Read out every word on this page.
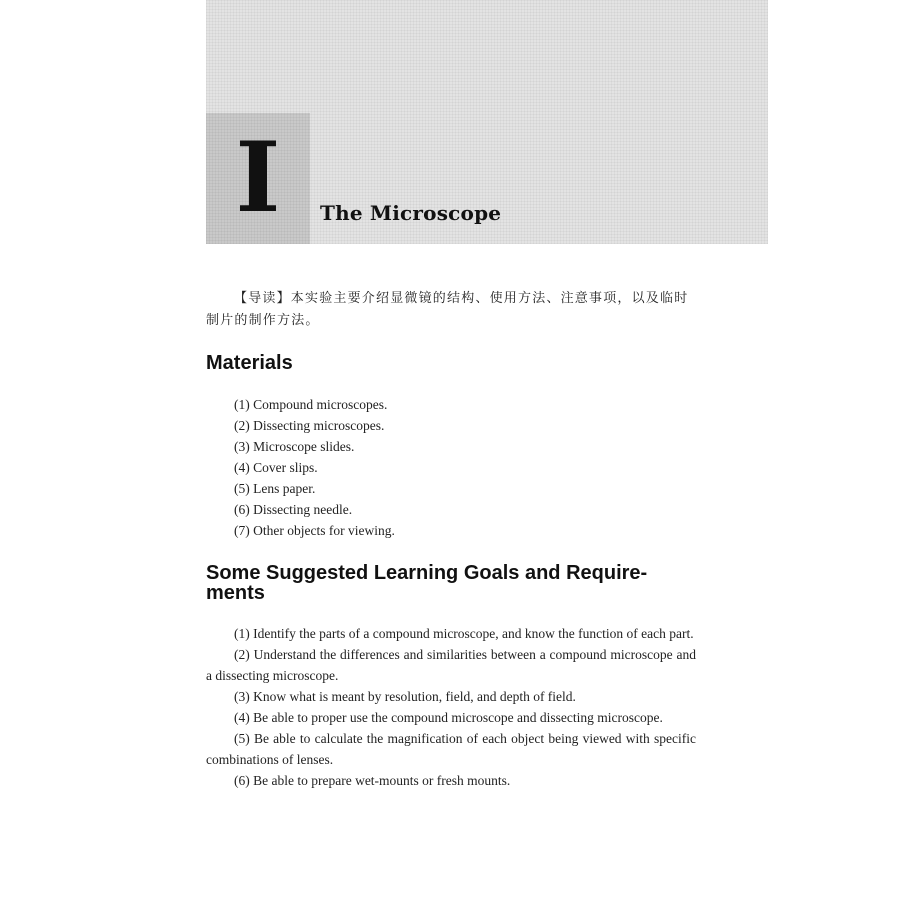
I	The Microscope

【导读】本实验主要介绍显微镜的结构、使用方法、注意事项，以及临时制片的制作方法。

Materials
(1) Compound microscopes.
(2) Dissecting microscopes.
(3) Microscope slides.
(4) Cover slips.
(5) Lens paper.
(6) Dissecting needle.
(7) Other objects for viewing.
Some Suggested Learning Goals and Require-
ments
(1) Identify the parts of a compound microscope, and know the function of each part.
(2) Understand the differences and similarities between a compound microscope and a dissecting microscope.
(3) Know what is meant by resolution, field, and depth of field.
(4) Be able to proper use the compound microscope and dissecting microscope.
(5) Be able to calculate the magnification of each object being viewed with specific combinations of lenses.
(6) Be able to prepare wet-mounts or fresh mounts.
